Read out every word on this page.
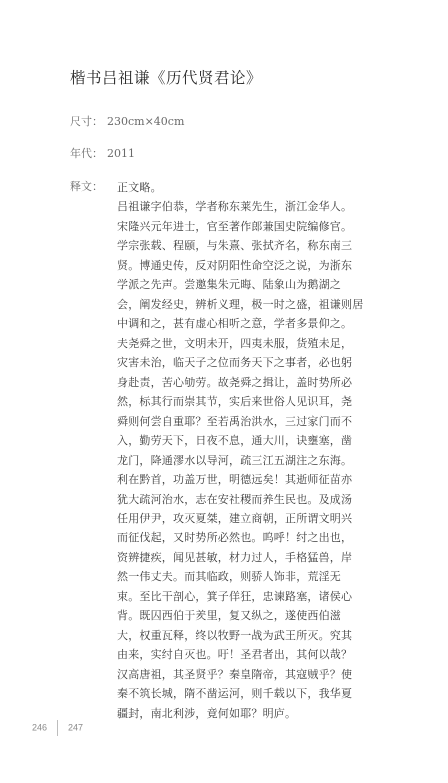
楷书吕祖谦《历代贤君论》
尺寸： 230cm×40cm
年代： 2011
释文： 正文略。
吕祖谦字伯恭，学者称东莱先生，浙江金华人。
宋隆兴元年进士，官至著作郎兼国史院编修官。
学宗张载、程颐，与朱熹、张拭齐名，称东南三
贤。博通史传，反对阴阳性命空泛之说，为浙东
学派之先声。尝邀集朱元晦、陆象山为鹅湖之
会，阐发经史，辨析义理，极一时之盛，祖谦则居
中调和之，甚有虚心相听之意，学者多景仰之。
夫尧舜之世，文明未开，四夷未服，货殖未足，
灾害未治，临天子之位而务天下之事者，必也躬
身赴责，苦心劬劳。故尧舜之揖让，盖时势所必
然，标其行而崇其节，实后来世俗人见识耳，尧
舜则何尝自重耶？至若禹治洪水，三过家门而不
入，勤劳天下，日夜不息，通大川，诀壅塞，凿
龙门，降通漻水以导河，疏三江五湖注之东海。
利在黔首，功盖万世，明德远矣！其逝师征苗亦
犹大疏河治水，志在安社稷而养生民也。及成汤
任用伊尹，攻灭夏桀，建立商朝，正所谓文明兴
而征伐起，又时势所必然也。呜呼！纣之出也，
资辨捷疾，闻见甚敏，材力过人，手格猛兽，岸
然一伟丈夫。而其临政，则骄人饰非，荒淫无
束。至比干剖心，箕子佯狂，忠谏路塞，诸侯心
背。既囚西伯于羑里，复又纵之，遂使西伯滋
大，权重瓦释，终以牧野一战为武王所灭。究其
由来，实纣自灭也。吁！圣君者出，其何以哉？
汉高唐祖，其圣贤乎？秦皇隋帝，其寇贼乎？使
秦不筑长城，隋不凿运河，则千载以下，我华夏
疆封，南北利涉，竟何如耶？明庐。
246 247
